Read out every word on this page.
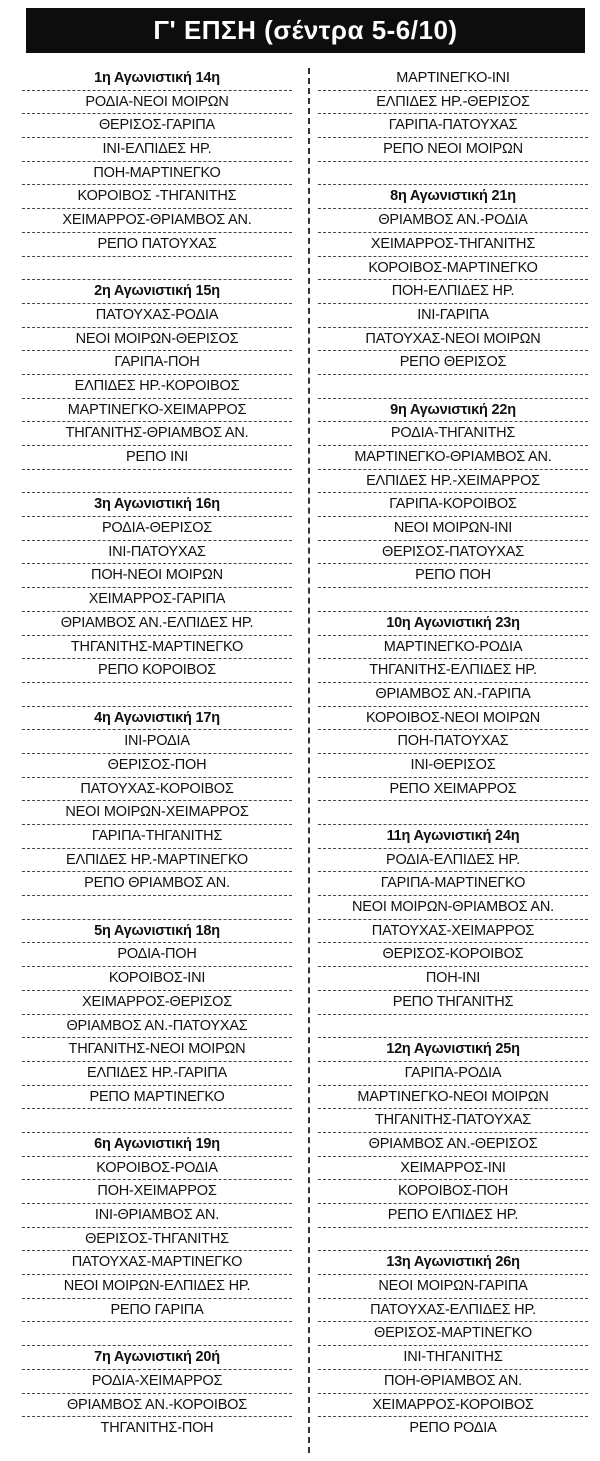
Γ' ΕΠΣΗ (σέντρα 5-6/10)
1η Αγωνιστική 14η
ΡΟΔΙΑ-ΝΕΟΙ ΜΟΙΡΩΝ
ΘΕΡΙΣΟΣ-ΓΑΡΙΠΑ
ΙΝΙ-ΕΛΠΙΔΕΣ ΗΡ.
ΠΟΗ-ΜΑΡΤΙΝΕΓΚΟ
ΚΟΡΟΙΒΟΣ -ΤΗΓΑΝΙΤΗΣ
ΧΕΙΜΑΡΡΟΣ-ΘΡΙΑΜΒΟΣ ΑΝ.
ΡΕΠΟ ΠΑΤΟΥΧΑΣ
2η Αγωνιστική 15η
ΠΑΤΟΥΧΑΣ-ΡΟΔΙΑ
ΝΕΟΙ ΜΟΙΡΩΝ-ΘΕΡΙΣΟΣ
ΓΑΡΙΠΑ-ΠΟΗ
ΕΛΠΙΔΕΣ ΗΡ.-ΚΟΡΟΙΒΟΣ
ΜΑΡΤΙΝΕΓΚΟ-ΧΕΙΜΑΡΡΟΣ
ΤΗΓΑΝΙΤΗΣ-ΘΡΙΑΜΒΟΣ ΑΝ.
ΡΕΠΟ ΙΝΙ
3η Αγωνιστική 16η
ΡΟΔΙΑ-ΘΕΡΙΣΟΣ
ΙΝΙ-ΠΑΤΟΥΧΑΣ
ΠΟΗ-ΝΕΟΙ ΜΟΙΡΩΝ
ΧΕΙΜΑΡΡΟΣ-ΓΑΡΙΠΑ
ΘΡΙΑΜΒΟΣ ΑΝ.-ΕΛΠΙΔΕΣ ΗΡ.
ΤΗΓΑΝΙΤΗΣ-ΜΑΡΤΙΝΕΓΚΟ
ΡΕΠΟ ΚΟΡΟΙΒΟΣ
4η Αγωνιστική 17η
ΙΝΙ-ΡΟΔΙΑ
ΘΕΡΙΣΟΣ-ΠΟΗ
ΠΑΤΟΥΧΑΣ-ΚΟΡΟΙΒΟΣ
ΝΕΟΙ ΜΟΙΡΩΝ-ΧΕΙΜΑΡΡΟΣ
ΓΑΡΙΠΑ-ΤΗΓΑΝΙΤΗΣ
ΕΛΠΙΔΕΣ ΗΡ.-ΜΑΡΤΙΝΕΓΚΟ
ΡΕΠΟ ΘΡΙΑΜΒΟΣ ΑΝ.
5η Αγωνιστική 18η
ΡΟΔΙΑ-ΠΟΗ
ΚΟΡΟΙΒΟΣ-ΙΝΙ
ΧΕΙΜΑΡΡΟΣ-ΘΕΡΙΣΟΣ
ΘΡΙΑΜΒΟΣ ΑΝ.-ΠΑΤΟΥΧΑΣ
ΤΗΓΑΝΙΤΗΣ-ΝΕΟΙ ΜΟΙΡΩΝ
ΕΛΠΙΔΕΣ ΗΡ.-ΓΑΡΙΠΑ
ΡΕΠΟ ΜΑΡΤΙΝΕΓΚΟ
6η Αγωνιστική 19η
ΚΟΡΟΙΒΟΣ-ΡΟΔΙΑ
ΠΟΗ-ΧΕΙΜΑΡΡΟΣ
ΙΝΙ-ΘΡΙΑΜΒΟΣ ΑΝ.
ΘΕΡΙΣΟΣ-ΤΗΓΑΝΙΤΗΣ
ΠΑΤΟΥΧΑΣ-ΜΑΡΤΙΝΕΓΚΟ
ΝΕΟΙ ΜΟΙΡΩΝ-ΕΛΠΙΔΕΣ ΗΡ.
ΡΕΠΟ ΓΑΡΙΠΑ
7η Αγωνιστική 20ή
ΡΟΔΙΑ-ΧΕΙΜΑΡΡΟΣ
ΘΡΙΑΜΒΟΣ ΑΝ.-ΚΟΡΟΙΒΟΣ
ΤΗΓΑΝΙΤΗΣ-ΠΟΗ
ΜΑΡΤΙΝΕΓΚΟ-ΙΝΙ
ΕΛΠΙΔΕΣ ΗΡ.-ΘΕΡΙΣΟΣ
ΓΑΡΙΠΑ-ΠΑΤΟΥΧΑΣ
ΡΕΠΟ ΝΕΟΙ ΜΟΙΡΩΝ
8η Αγωνιστική 21η
ΘΡΙΑΜΒΟΣ ΑΝ.-ΡΟΔΙΑ
ΧΕΙΜΑΡΡΟΣ-ΤΗΓΑΝΙΤΗΣ
ΚΟΡΟΙΒΟΣ-ΜΑΡΤΙΝΕΓΚΟ
ΠΟΗ-ΕΛΠΙΔΕΣ ΗΡ.
ΙΝΙ-ΓΑΡΙΠΑ
ΠΑΤΟΥΧΑΣ-ΝΕΟΙ ΜΟΙΡΩΝ
ΡΕΠΟ ΘΕΡΙΣΟΣ
9η Αγωνιστική 22η
ΡΟΔΙΑ-ΤΗΓΑΝΙΤΗΣ
ΜΑΡΤΙΝΕΓΚΟ-ΘΡΙΑΜΒΟΣ ΑΝ.
ΕΛΠΙΔΕΣ ΗΡ.-ΧΕΙΜΑΡΡΟΣ
ΓΑΡΙΠΑ-ΚΟΡΟΙΒΟΣ
ΝΕΟΙ ΜΟΙΡΩΝ-ΙΝΙ
ΘΕΡΙΣΟΣ-ΠΑΤΟΥΧΑΣ
ΡΕΠΟ ΠΟΗ
10η Αγωνιστική 23η
ΜΑΡΤΙΝΕΓΚΟ-ΡΟΔΙΑ
ΤΗΓΑΝΙΤΗΣ-ΕΛΠΙΔΕΣ ΗΡ.
ΘΡΙΑΜΒΟΣ ΑΝ.-ΓΑΡΙΠΑ
ΚΟΡΟΙΒΟΣ-ΝΕΟΙ ΜΟΙΡΩΝ
ΠΟΗ-ΠΑΤΟΥΧΑΣ
ΙΝΙ-ΘΕΡΙΣΟΣ
ΡΕΠΟ ΧΕΙΜΑΡΡΟΣ
11η Αγωνιστική 24η
ΡΟΔΙΑ-ΕΛΠΙΔΕΣ ΗΡ.
ΓΑΡΙΠΑ-ΜΑΡΤΙΝΕΓΚΟ
ΝΕΟΙ ΜΟΙΡΩΝ-ΘΡΙΑΜΒΟΣ ΑΝ.
ΠΑΤΟΥΧΑΣ-ΧΕΙΜΑΡΡΟΣ
ΘΕΡΙΣΟΣ-ΚΟΡΟΙΒΟΣ
ΠΟΗ-ΙΝΙ
ΡΕΠΟ ΤΗΓΑΝΙΤΗΣ
12η Αγωνιστική 25η
ΓΑΡΙΠΑ-ΡΟΔΙΑ
ΜΑΡΤΙΝΕΓΚΟ-ΝΕΟΙ ΜΟΙΡΩΝ
ΤΗΓΑΝΙΤΗΣ-ΠΑΤΟΥΧΑΣ
ΘΡΙΑΜΒΟΣ ΑΝ.-ΘΕΡΙΣΟΣ
ΧΕΙΜΑΡΡΟΣ-ΙΝΙ
ΚΟΡΟΙΒΟΣ-ΠΟΗ
ΡΕΠΟ ΕΛΠΙΔΕΣ ΗΡ.
13η Αγωνιστική 26η
ΝΕΟΙ ΜΟΙΡΩΝ-ΓΑΡΙΠΑ
ΠΑΤΟΥΧΑΣ-ΕΛΠΙΔΕΣ ΗΡ.
ΘΕΡΙΣΟΣ-ΜΑΡΤΙΝΕΓΚΟ
ΙΝΙ-ΤΗΓΑΝΙΤΗΣ
ΠΟΗ-ΘΡΙΑΜΒΟΣ ΑΝ.
ΧΕΙΜΑΡΡΟΣ-ΚΟΡΟΙΒΟΣ
ΡΕΠΟ ΡΟΔΙΑ
